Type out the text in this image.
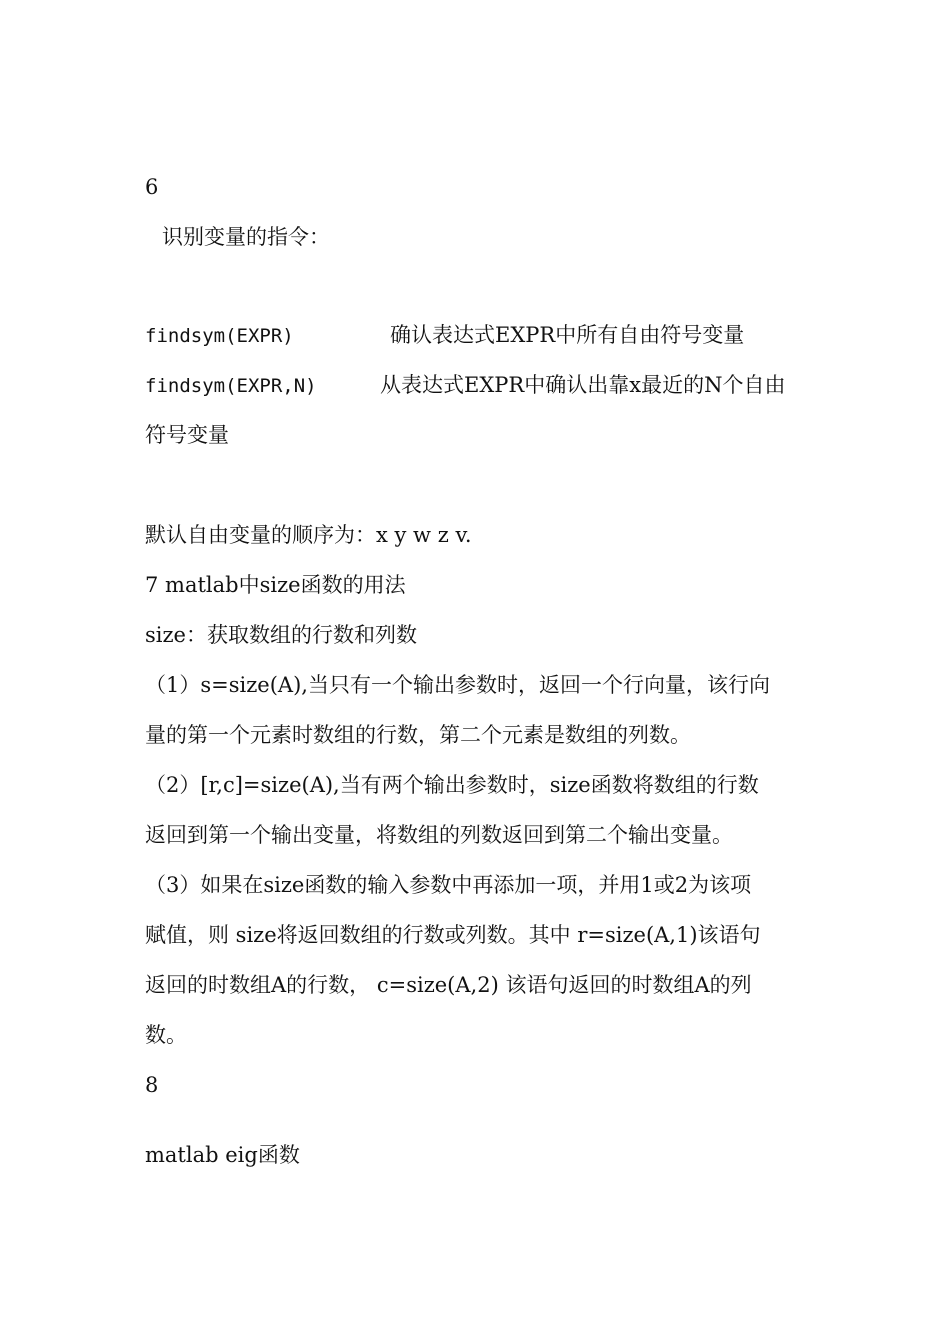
6
识别变量的指令：
findsym(EXPR)	确认表达式EXPR中所有自由符号变量
findsym(EXPR,N)	从表达式EXPR中确认出靠x最近的N个自由
符号变量
默认自由变量的顺序为：x y w z v.
7 matlab中size函数的用法
size：获取数组的行数和列数
（1）s=size(A),当只有一个输出参数时，返回一个行向量，该行向
量的第一个元素时数组的行数，第二个元素是数组的列数。
（2）[r,c]=size(A),当有两个输出参数时，size函数将数组的行数
返回到第一个输出变量，将数组的列数返回到第二个输出变量。
（3）如果在size函数的输入参数中再添加一项，并用1或2为该项
赋值，则 size将返回数组的行数或列数。其中 r=size(A,1)该语句
返回的时数组A的行数， c=size(A,2) 该语句返回的时数组A的列
数。
8
matlab eig函数
